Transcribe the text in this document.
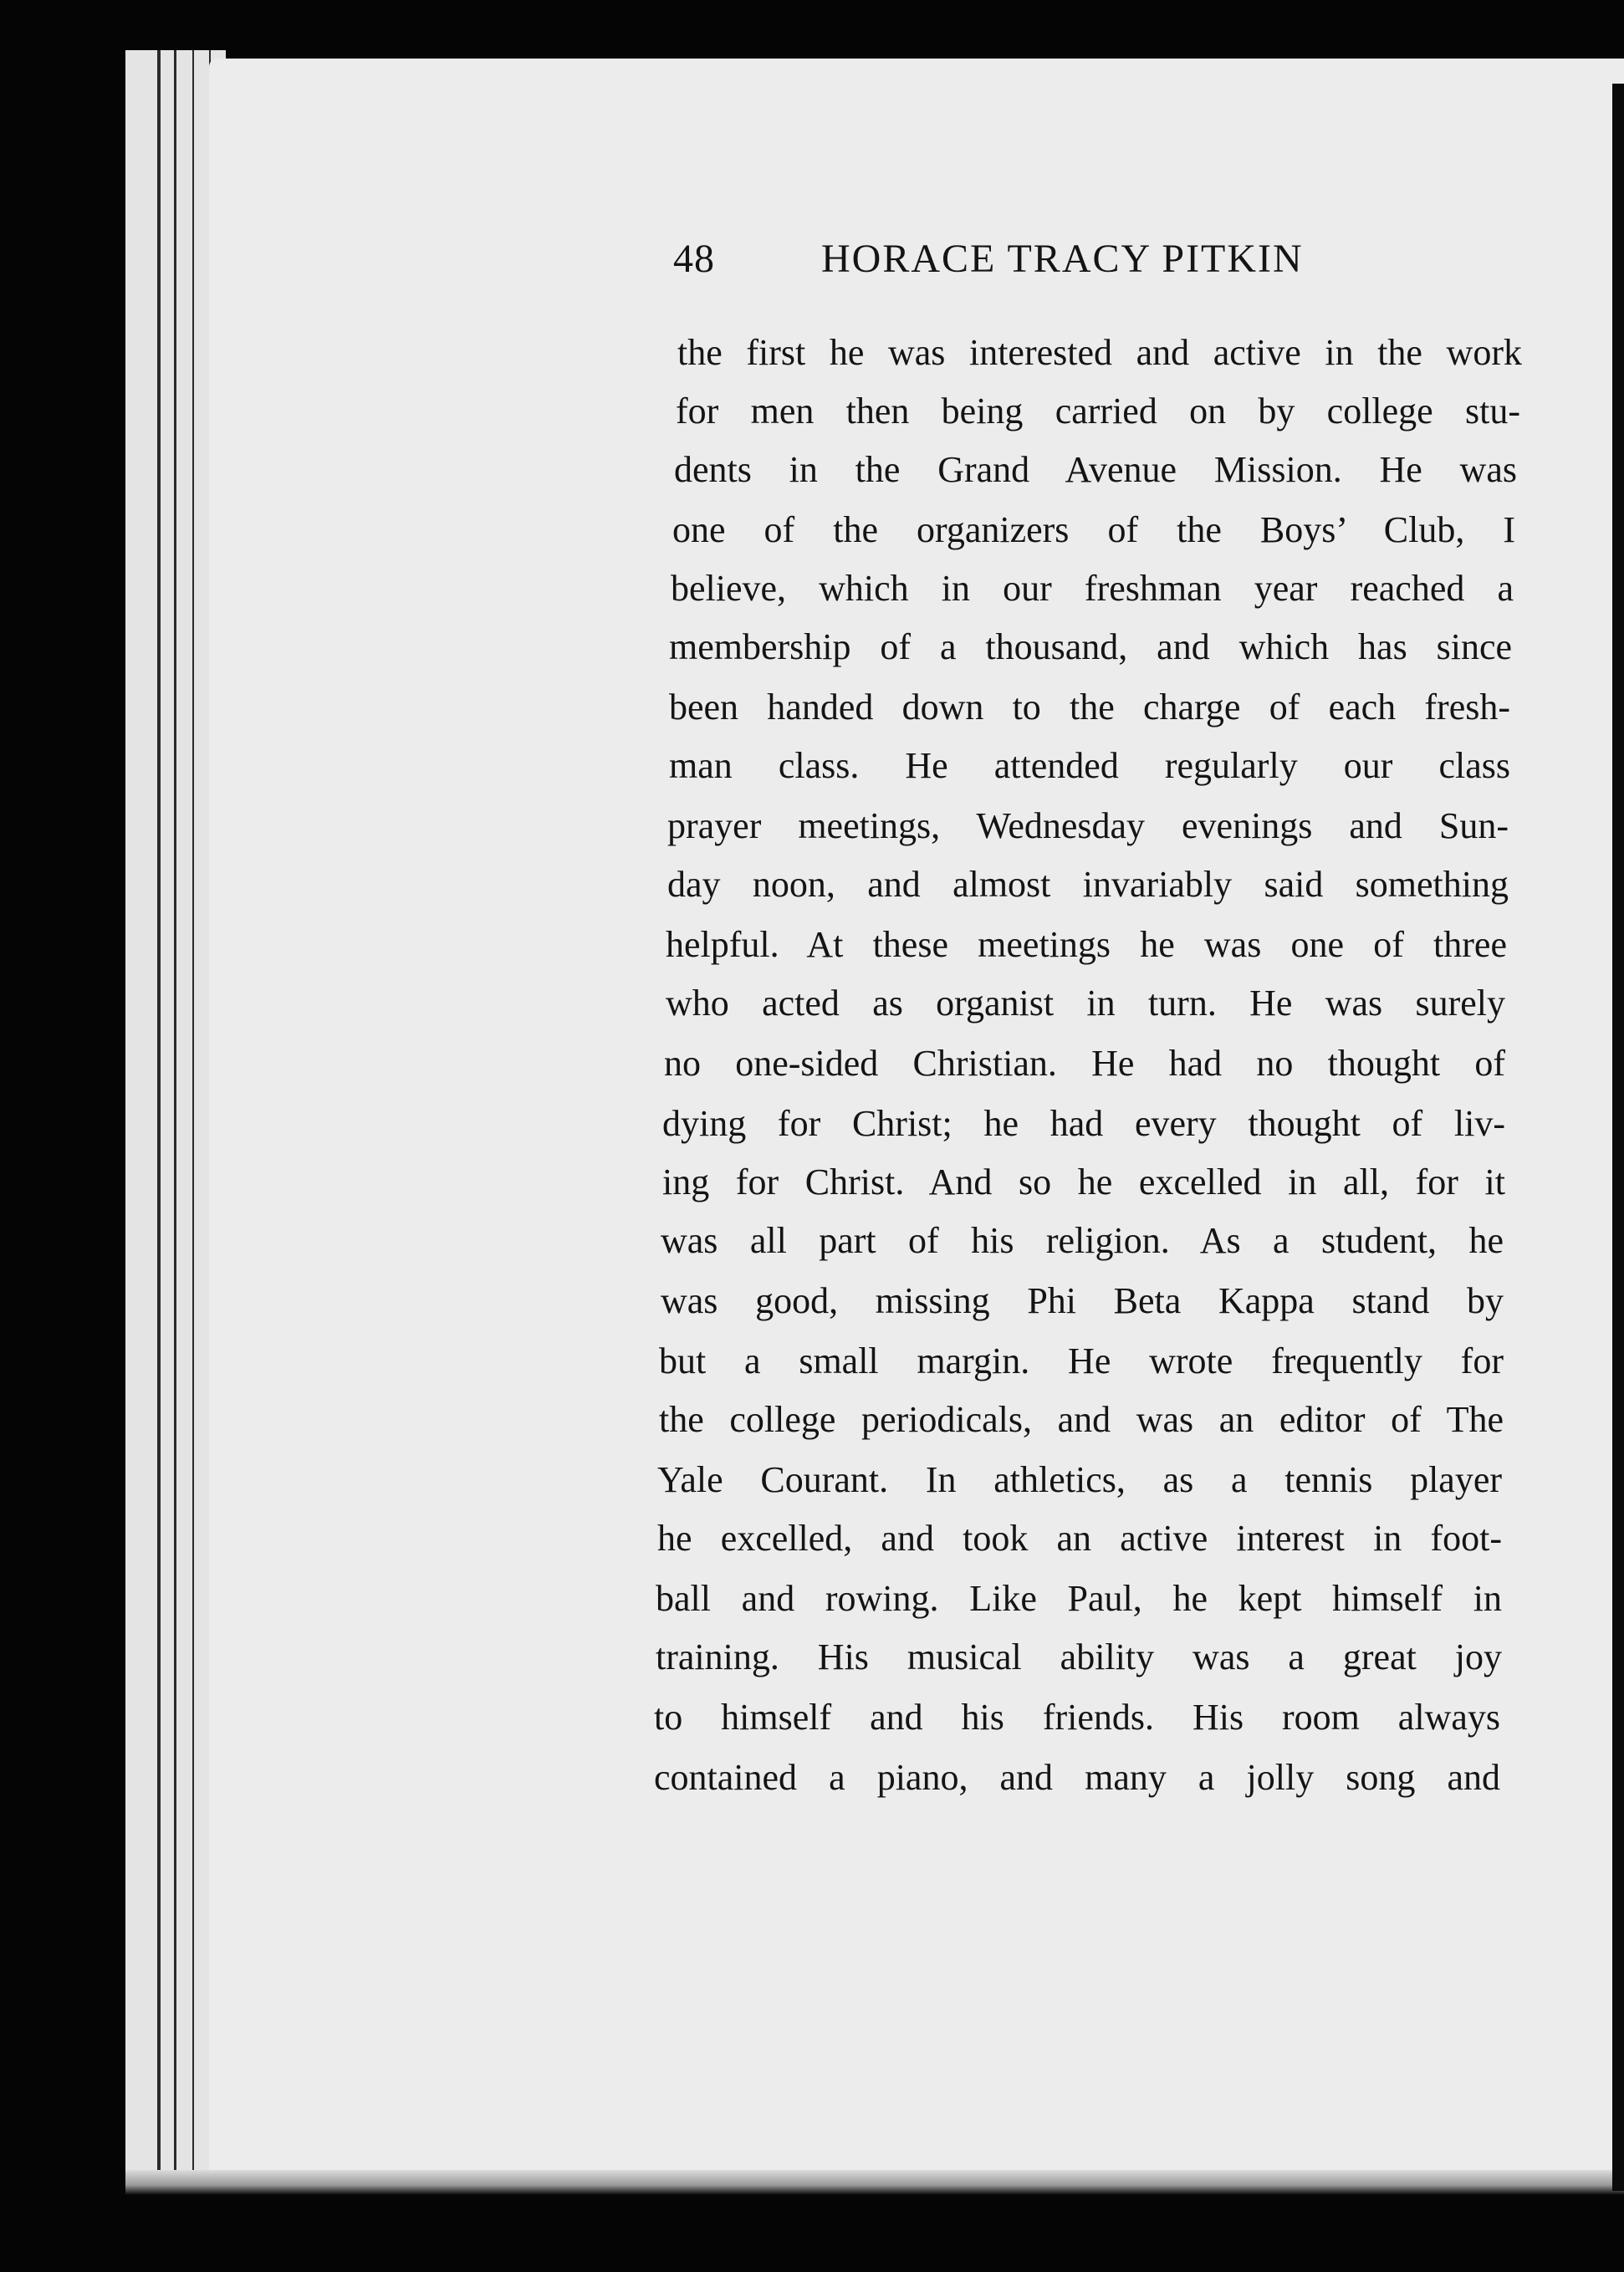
48	HORACE TRACY PITKIN
the first he was interested and active in the work
for men then being carried on by college stu-
dents in the Grand Avenue Mission. He was
one of the organizers of the Boys’ Club, I
believe, which in our freshman year reached a
membership of a thousand, and which has since
been handed down to the charge of each fresh-
man class. He attended regularly our class
prayer meetings, Wednesday evenings and Sun-
day noon, and almost invariably said something
helpful. At these meetings he was one of three
who acted as organist in turn. He was surely
no one-sided Christian. He had no thought of
dying for Christ; he had every thought of liv-
ing for Christ. And so he excelled in all, for it
was all part of his religion. As a student, he
was good, missing Phi Beta Kappa stand by
but a small margin. He wrote frequently for
the college periodicals, and was an editor of The
Yale Courant. In athletics, as a tennis player
he excelled, and took an active interest in foot-
ball and rowing. Like Paul, he kept himself in
training. His musical ability was a great joy
to himself and his friends. His room always
contained a piano, and many a jolly song and
